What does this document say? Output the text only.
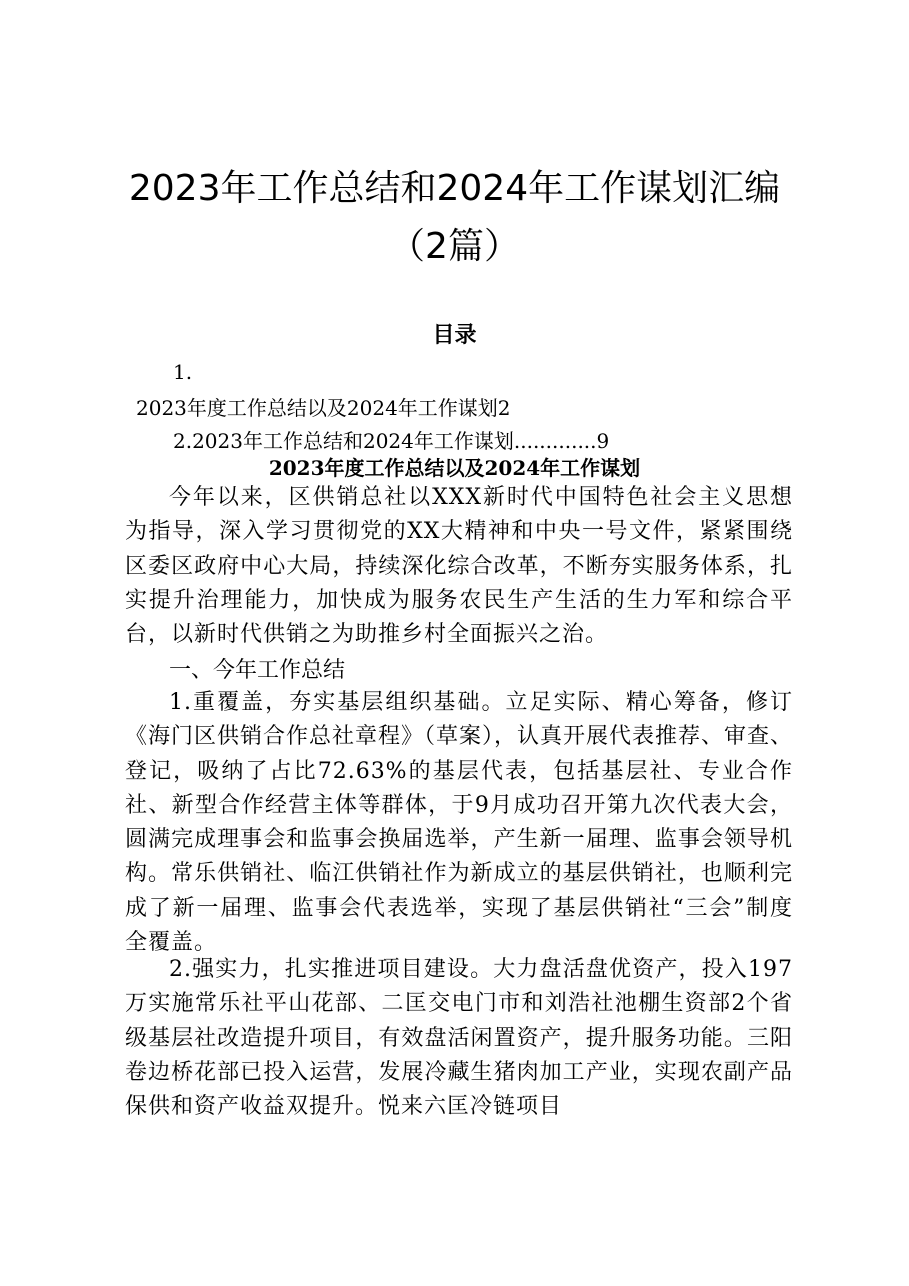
2023年工作总结和2024年工作谋划汇编（2篇）
目录

1.

2023年度工作总结以及2024年工作谋划2

2.2023年工作总结和2024年工作谋划.............9

2023年度工作总结以及2024年工作谋划

今年以来，区供销总社以XXX新时代中国特色社会主义思想为指导，深入学习贯彻党的XX大精神和中央一号文件，紧紧围绕区委区政府中心大局，持续深化综合改革，不断夯实服务体系，扎实提升治理能力，加快成为服务农民生产生活的生力军和综合平台，以新时代供销之为助推乡村全面振兴之治。

一、今年工作总结

1.重覆盖，夯实基层组织基础。立足实际、精心筹备，修订《海门区供销合作总社章程》（草案），认真开展代表推荐、审查、登记，吸纳了占比72.63%的基层代表，包括基层社、专业合作社、新型合作经营主体等群体，于9月成功召开第九次代表大会，圆满完成理事会和监事会换届选举，产生新一届理、监事会领导机构。常乐供销社、临江供销社作为新成立的基层供销社，也顺利完成了新一届理、监事会代表选举，实现了基层供销社“三会”制度全覆盖。

2.强实力，扎实推进项目建设。大力盘活盘优资产，投入197万实施常乐社平山花部、二匡交电门市和刘浩社池棚生资部2个省级基层社改造提升项目，有效盘活闲置资产，提升服务功能。三阳卷边桥花部已投入运营，发展冷藏生猪肉加工产业，实现农副产品保供和资产收益双提升。悦来六匡冷链项目
